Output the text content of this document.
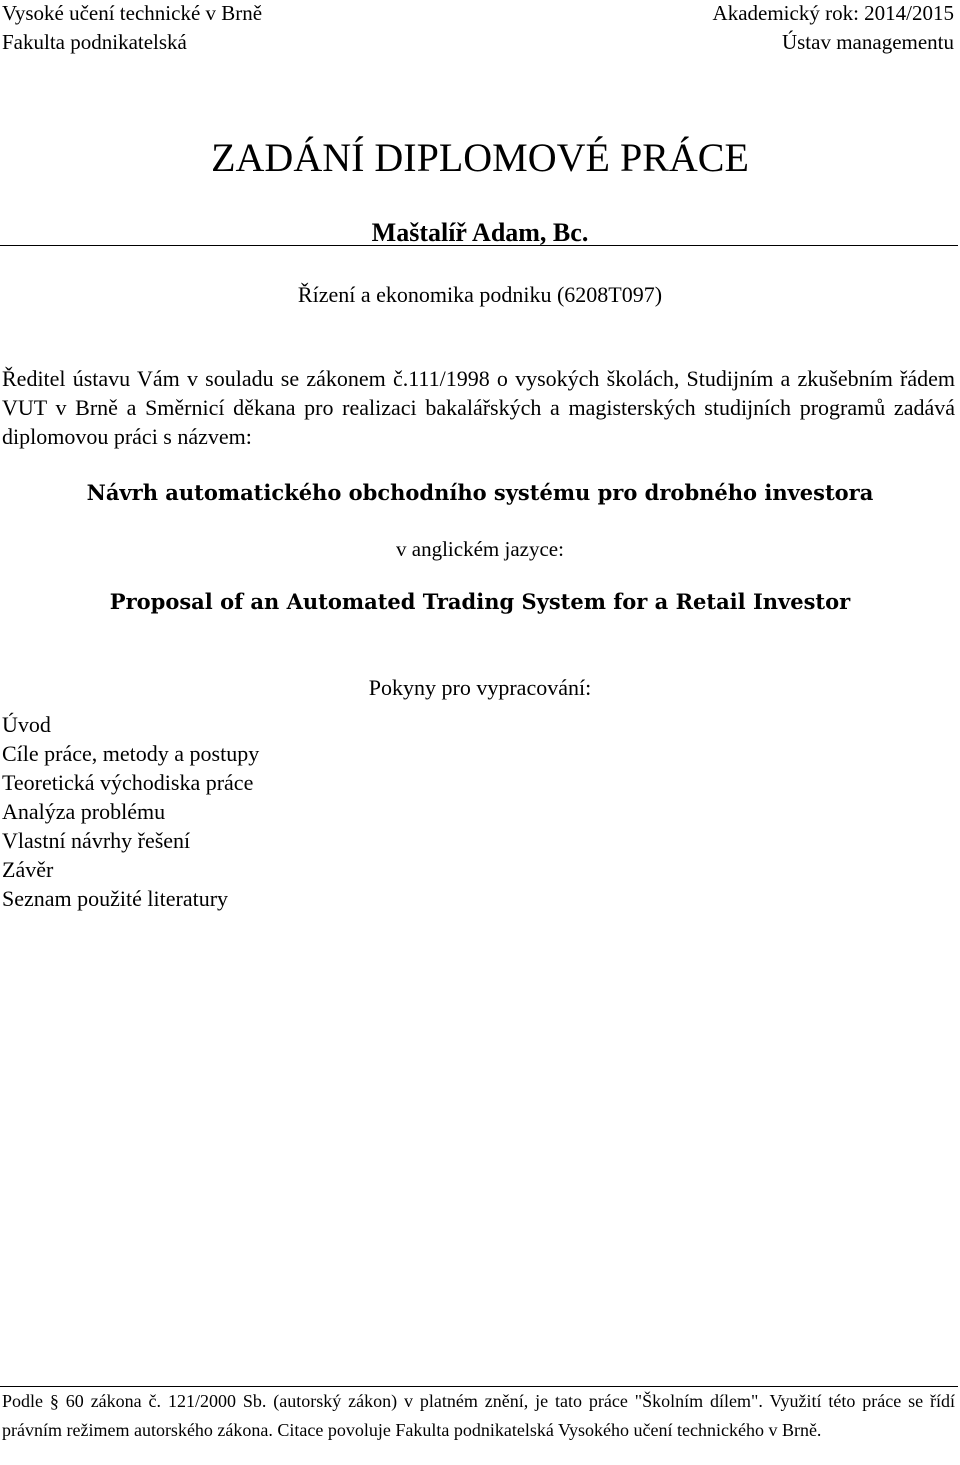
Vysoké učení technické v Brně
Fakulta podnikatelská
Akademický rok: 2014/2015
Ústav managementu
ZADÁNÍ DIPLOMOVÉ PRÁCE
Maštalíř Adam, Bc.
Řízení a ekonomika podniku (6208T097)
Ředitel ústavu Vám v souladu se zákonem č.111/1998 o vysokých školách, Studijním a zkušebním řádem VUT v Brně a Směrnicí děkana pro realizaci bakalářských a magisterských studijních programů zadává diplomovou práci s názvem:
Návrh automatického obchodního systému pro drobného investora
v anglickém jazyce:
Proposal of an Automated Trading System for a Retail Investor
Pokyny pro vypracování:
Úvod
Cíle práce, metody a postupy
Teoretická východiska práce
Analýza problému
Vlastní návrhy řešení
Závěr
Seznam použité literatury
Podle § 60 zákona č. 121/2000 Sb. (autorský zákon) v platném znění, je tato práce "Školním dílem". Využití této práce se řídí právním režimem autorského zákona. Citace povoluje Fakulta podnikatelská Vysokého učení technického v Brně.
